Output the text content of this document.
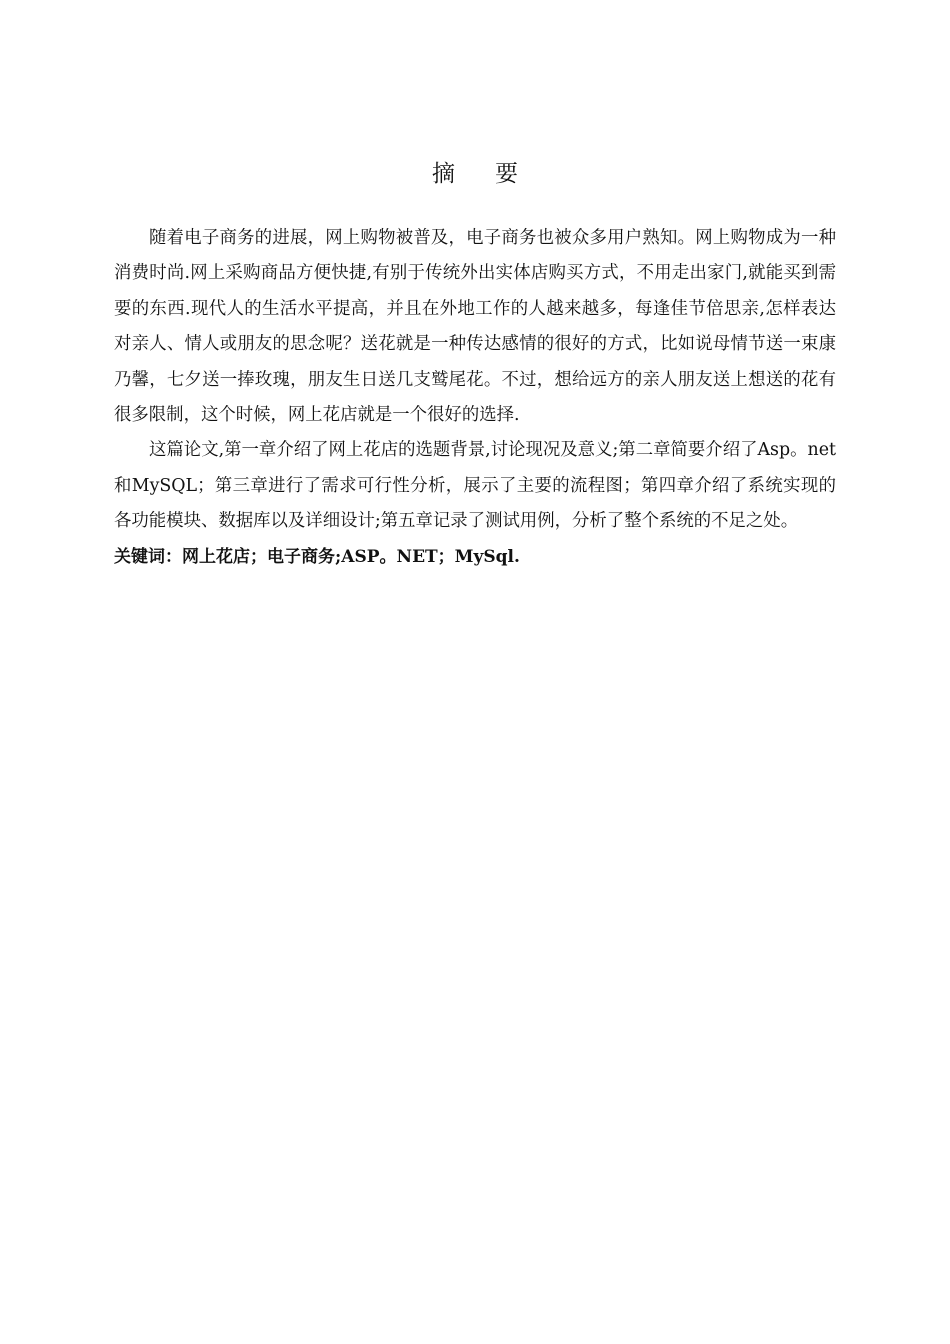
摘要

随着电子商务的进展，网上购物被普及，电子商务也被众多用户熟知。网上购物成为一种消费时尚.网上采购商品方便快捷,有别于传统外出实体店购买方式，不用走出家门,就能买到需要的东西.现代人的生活水平提高，并且在外地工作的人越来越多，每逢佳节倍思亲,怎样表达对亲人、情人或朋友的思念呢？送花就是一种传达感情的很好的方式，比如说母情节送一束康乃馨，七夕送一捧玫瑰，朋友生日送几支鹫尾花。不过，想给远方的亲人朋友送上想送的花有很多限制，这个时候，网上花店就是一个很好的选择.

这篇论文,第一章介绍了网上花店的选题背景,讨论现况及意义;第二章简要介绍了Asp。net和MySQL；第三章进行了需求可行性分析，展示了主要的流程图；第四章介绍了系统实现的各功能模块、数据库以及详细设计;第五章记录了测试用例，分析了整个系统的不足之处。

关键词：网上花店；电子商务;ASP。NET；MySql.
